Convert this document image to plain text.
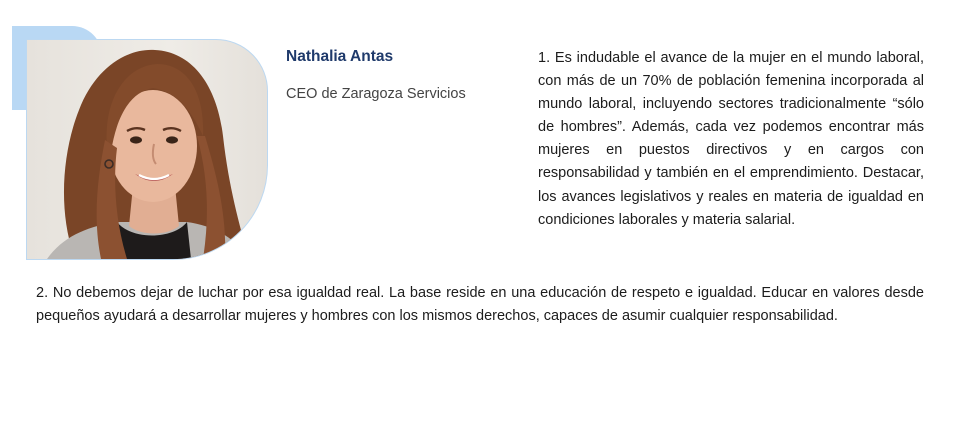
Nathalia Antas

CEO de Zaragoza Servicios

1. Es indudable el avance de la mujer en el mundo laboral, con más de un 70% de población femenina incorporada al mundo laboral, incluyendo sectores tradicionalmente “sólo de hombres”. Además, cada vez podemos encontrar más mujeres en puestos directivos y en cargos con responsabilidad y también en el emprendimiento. Destacar, los avances legislativos y reales en materia de igualdad en condiciones laborales y materia salarial.

2. No debemos dejar de luchar por esa igualdad real. La base reside en una educación de respeto e igualdad. Educar en valores desde pequeños ayudará a desarrollar mujeres y hombres con los mismos derechos, capaces de asumir cualquier responsabilidad.
